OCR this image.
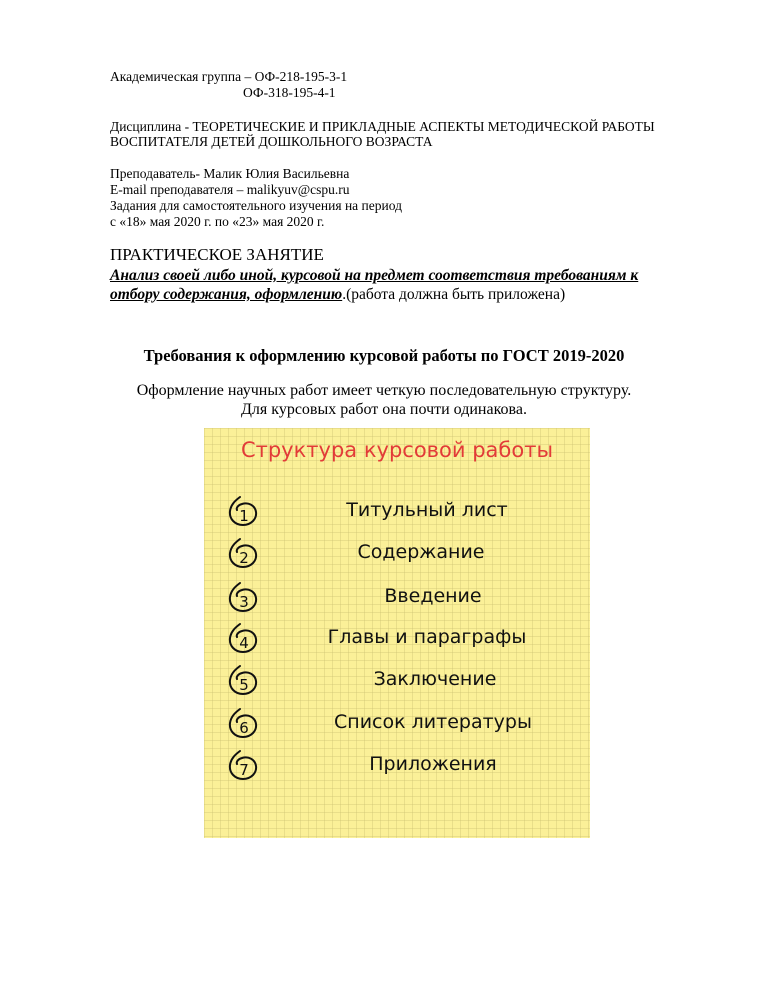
Академическая группа – ОФ-218-195-3-1
ОФ-318-195-4-1
Дисциплина - ТЕОРЕТИЧЕСКИЕ И ПРИКЛАДНЫЕ АСПЕКТЫ МЕТОДИЧЕСКОЙ РАБОТЫ ВОСПИТАТЕЛЯ ДЕТЕЙ ДОШКОЛЬНОГО ВОЗРАСТА
Преподаватель- Малик Юлия Васильевна
E-mail преподавателя – malikyuv@cspu.ru
Задания для самостоятельного изучения на период
с «18» мая 2020 г. по «23» мая 2020 г.
ПРАКТИЧЕСКОЕ ЗАНЯТИЕ
Анализ своей либо иной, курсовой на предмет соответствия требованиям к отбору содержания, оформлению.(работа должна быть приложена)
Требования к оформлению курсовой работы по ГОСТ 2019-2020
Оформление научных работ имеет четкую последовательную структуру.
Для курсовых работ она почти одинакова.
Структура курсовой работы
1	Титульный лист
2	Содержание
3	Введение
4	Главы и параграфы
5	Заключение
6	Список литературы
7	Приложения
